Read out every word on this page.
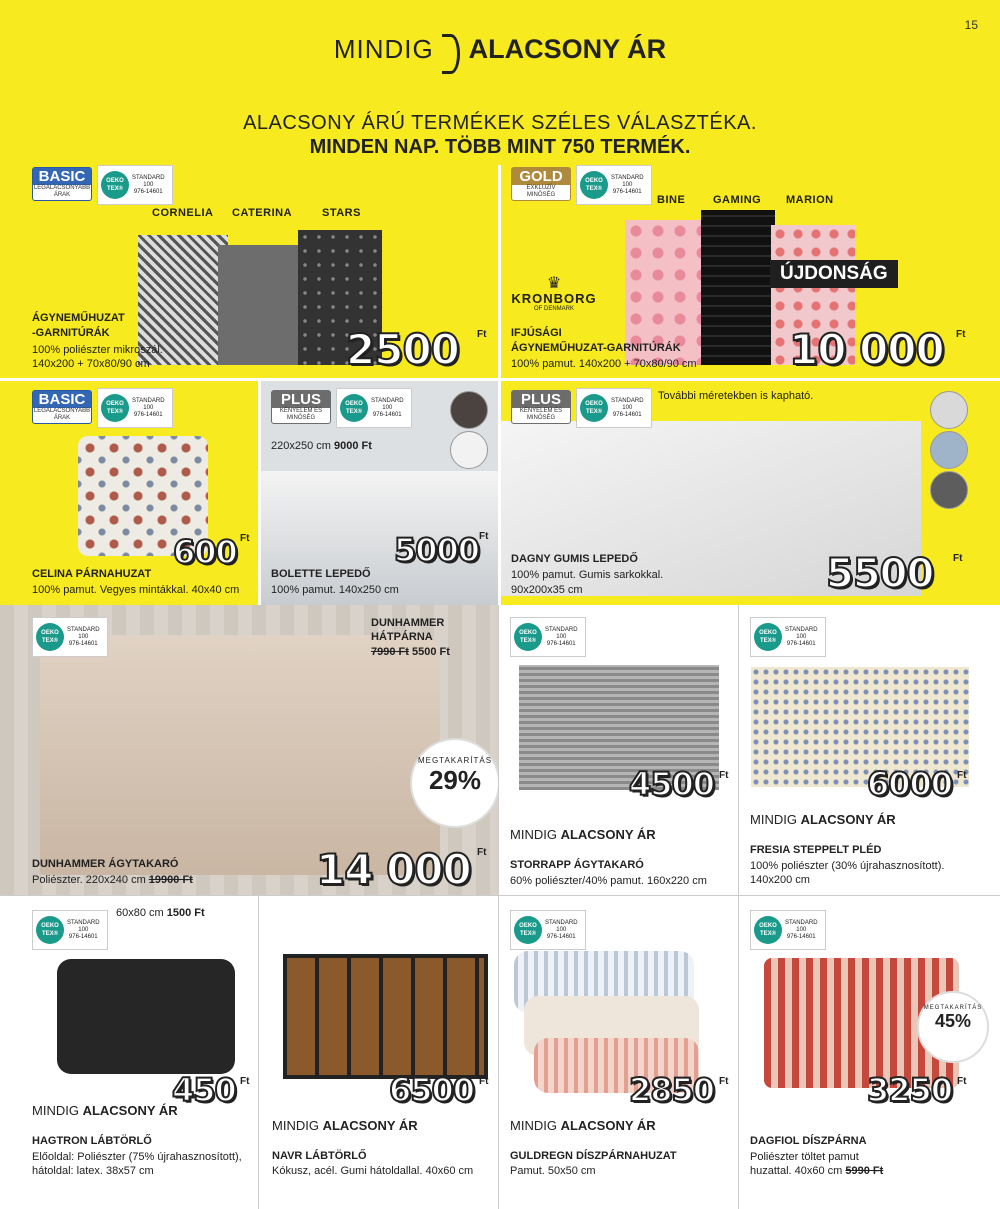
15
MINDIG ALACSONY ÁR
ALACSONY ÁRÚ TERMÉKEK SZÉLES VÁLASZTÉKA.
MINDEN NAP. TÖBB MINT 750 TERMÉK.
BASIC
LEGALACSONYABB ÁRAK
OEKO TEX®
STANDARD
100
976-14601
CORNELIA CATERINA	STARS
ÁGYNEMŰHUZAT
-GARNITÚRÁK
100% poliészter mikroszál.
140x200 + 70x80/90 cm	2500 Ft
GOLD
EXKLUZÍV MINŐSÉG
OEKO TEX®
STANDARD
100
976-14601
BINE	GAMING MARION
ÚJDONSÁG
♛
KRONBORG
OF DENMARK
IFJÚSÁGI
ÁGYNEMŰHUZAT-GARNITÚRÁK
100% pamut. 140x200 + 70x80/90 cm 10 000 Ft
BASIC
LEGALACSONYABB ÁRAK
OEKO TEX®
STANDARD
100
976-14601
600 Ft
CELINA PÁRNAHUZAT
100% pamut. Vegyes mintákkal. 40x40 cm
PLUS
KÉNYELEM ÉS MINŐSÉG
OEKO TEX®
STANDARD
100
976-14601
220x250 cm 9000 Ft
5000 Ft
BOLETTE LEPEDŐ
100% pamut. 140x250 cm
PLUS
KÉNYELEM ÉS MINŐSÉG
OEKO TEX®
STANDARD
100
976-14601
További méretekben is kapható.
DAGNY GUMIS LEPEDŐ
100% pamut. Gumis sarkokkal.
90x200x35 cm	5500 Ft
OEKO TEX®
STANDARD
100
976-14601
DUNHAMMER
HÁTPÁRNA
7990 Ft 5500 Ft
MEGTAKARÍTÁS
29%
14 000 Ft
DUNHAMMER ÁGYTAKARÓ
Poliészter. 220x240 cm 19900 Ft
OEKO TEX®
STANDARD
100
976-14601
4500 Ft
MINDIG ALACSONY ÁR
STORRAPP ÁGYTAKARÓ
60% poliészter/40% pamut. 160x220 cm
OEKO TEX®
STANDARD
100
976-14601
6000 Ft
MINDIG ALACSONY ÁR
FRESIA STEPPELT PLÉD
100% poliészter (30% újrahasznosított).
140x200 cm
OEKO TEX®
STANDARD
100
976-14601
60x80 cm 1500 Ft
450 Ft
MINDIG ALACSONY ÁR
HAGTRON LÁBTÖRLŐ
Előoldal: Poliészter (75% újrahasznosított),
hátoldal: latex. 38x57 cm
6500 Ft
MINDIG ALACSONY ÁR
NAVR LÁBTÖRLŐ
Kókusz, acél. Gumi hátoldallal. 40x60 cm
OEKO TEX®
STANDARD
100
976-14601
2850 Ft
MINDIG ALACSONY ÁR
GULDREGN DÍSZPÁRNAHUZAT
Pamut. 50x50 cm
OEKO TEX®
STANDARD
100
976-14601
MEGTAKARÍTÁS
45%
3250 Ft
DAGFIOL DÍSZPÁRNA
Poliészter töltet pamut
huzattal. 40x60 cm 5990 Ft
